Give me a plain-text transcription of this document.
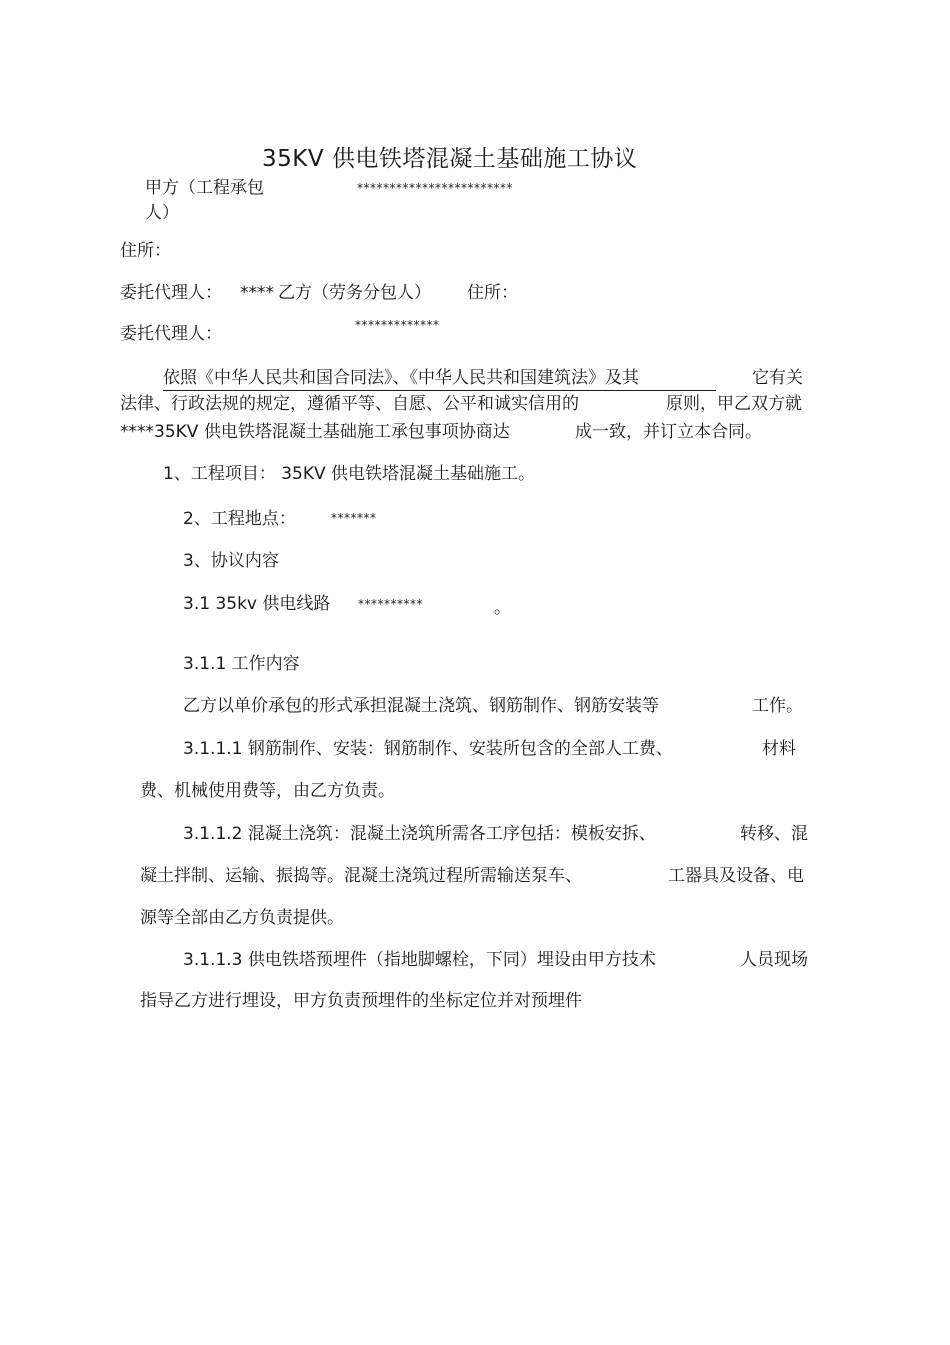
35KV 供电铁塔混凝土基础施工协议
甲方（工程承包	************************
人）
住所：
委托代理人： **** 乙方（劳务分包人） 住所：
*************
委托代理人：
依照《中华人民共和国合同法》、《中华人民共和国建筑法》及其	它有关
法律、行政法规的规定，遵循平等、自愿、公平和诚实信用的	原则，甲乙双方就
****35KV 供电铁塔混凝土基础施工承包事项协商达	成一致，并订立本合同。
1、工程项目： 35KV 供电铁塔混凝土基础施工。
2、工程地点：	*******
3、协议内容
3.1 35kv 供电线路 **********	。
3.1.1 工作内容
乙方以单价承包的形式承担混凝土浇筑、钢筋制作、钢筋安装等	工作。
3.1.1.1 钢筋制作、安装：钢筋制作、安装所包含的全部人工费、	材料
费、机械使用费等，由乙方负责。
3.1.1.2 混凝土浇筑：混凝土浇筑所需各工序包括：模板安拆、	转移、混
凝土拌制、运输、振捣等。混凝土浇筑过程所需输送泵车、	工器具及设备、电
源等全部由乙方负责提供。
3.1.1.3 供电铁塔预埋件（指地脚螺栓，下同）埋设由甲方技术	人员现场
指导乙方进行埋设，甲方负责预埋件的坐标定位并对预埋件
